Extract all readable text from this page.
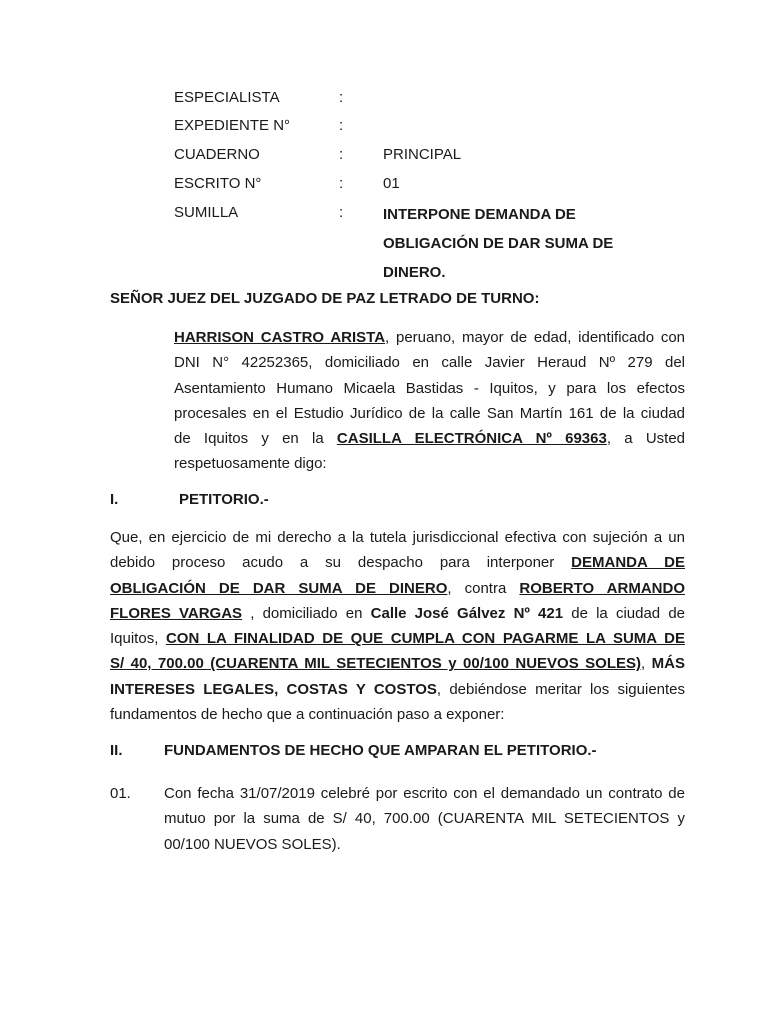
ESPECIALISTA	:
EXPEDIENTE N°	:
CUADERNO	:	PRINCIPAL
ESCRITO N°	:	01
SUMILLA	:	INTERPONE DEMANDA DE
OBLIGACIÓN DE DAR SUMA DE
DINERO.
SEÑOR JUEZ DEL JUZGADO DE PAZ LETRADO DE TURNO:
HARRISON CASTRO ARISTA, peruano, mayor de edad, identificado con
DNI N° 42252365, domiciliado en calle Javier Heraud Nº 279 del
Asentamiento Humano Micaela Bastidas - Iquitos, y para los efectos
procesales en el Estudio Jurídico de la calle San Martín 161 de la ciudad
de Iquitos y en la CASILLA ELECTRÓNICA Nº 69363, a Usted
respetuosamente digo:
I.	PETITORIO.-
Que, en ejercicio de mi derecho a la tutela jurisdiccional efectiva con sujeción a un
debido proceso acudo a su despacho para interponer DEMANDA DE
OBLIGACIÓN DE DAR SUMA DE DINERO, contra ROBERTO ARMANDO
FLORES VARGAS , domiciliado en Calle José Gálvez Nº 421 de la ciudad de
Iquitos, CON LA FINALIDAD DE QUE CUMPLA CON PAGARME LA SUMA DE
S/ 40, 700.00 (CUARENTA MIL SETECIENTOS y 00/100 NUEVOS SOLES), MÁS
INTERESES LEGALES, COSTAS Y COSTOS, debiéndose meritar los siguientes
fundamentos de hecho que a continuación paso a exponer:
II.	FUNDAMENTOS DE HECHO QUE AMPARAN EL PETITORIO.-
01. Con fecha 31/07/2019 celebré por escrito con el demandado un contrato de
mutuo por la suma de S/ 40, 700.00 (CUARENTA MIL SETECIENTOS y
00/100 NUEVOS SOLES).
